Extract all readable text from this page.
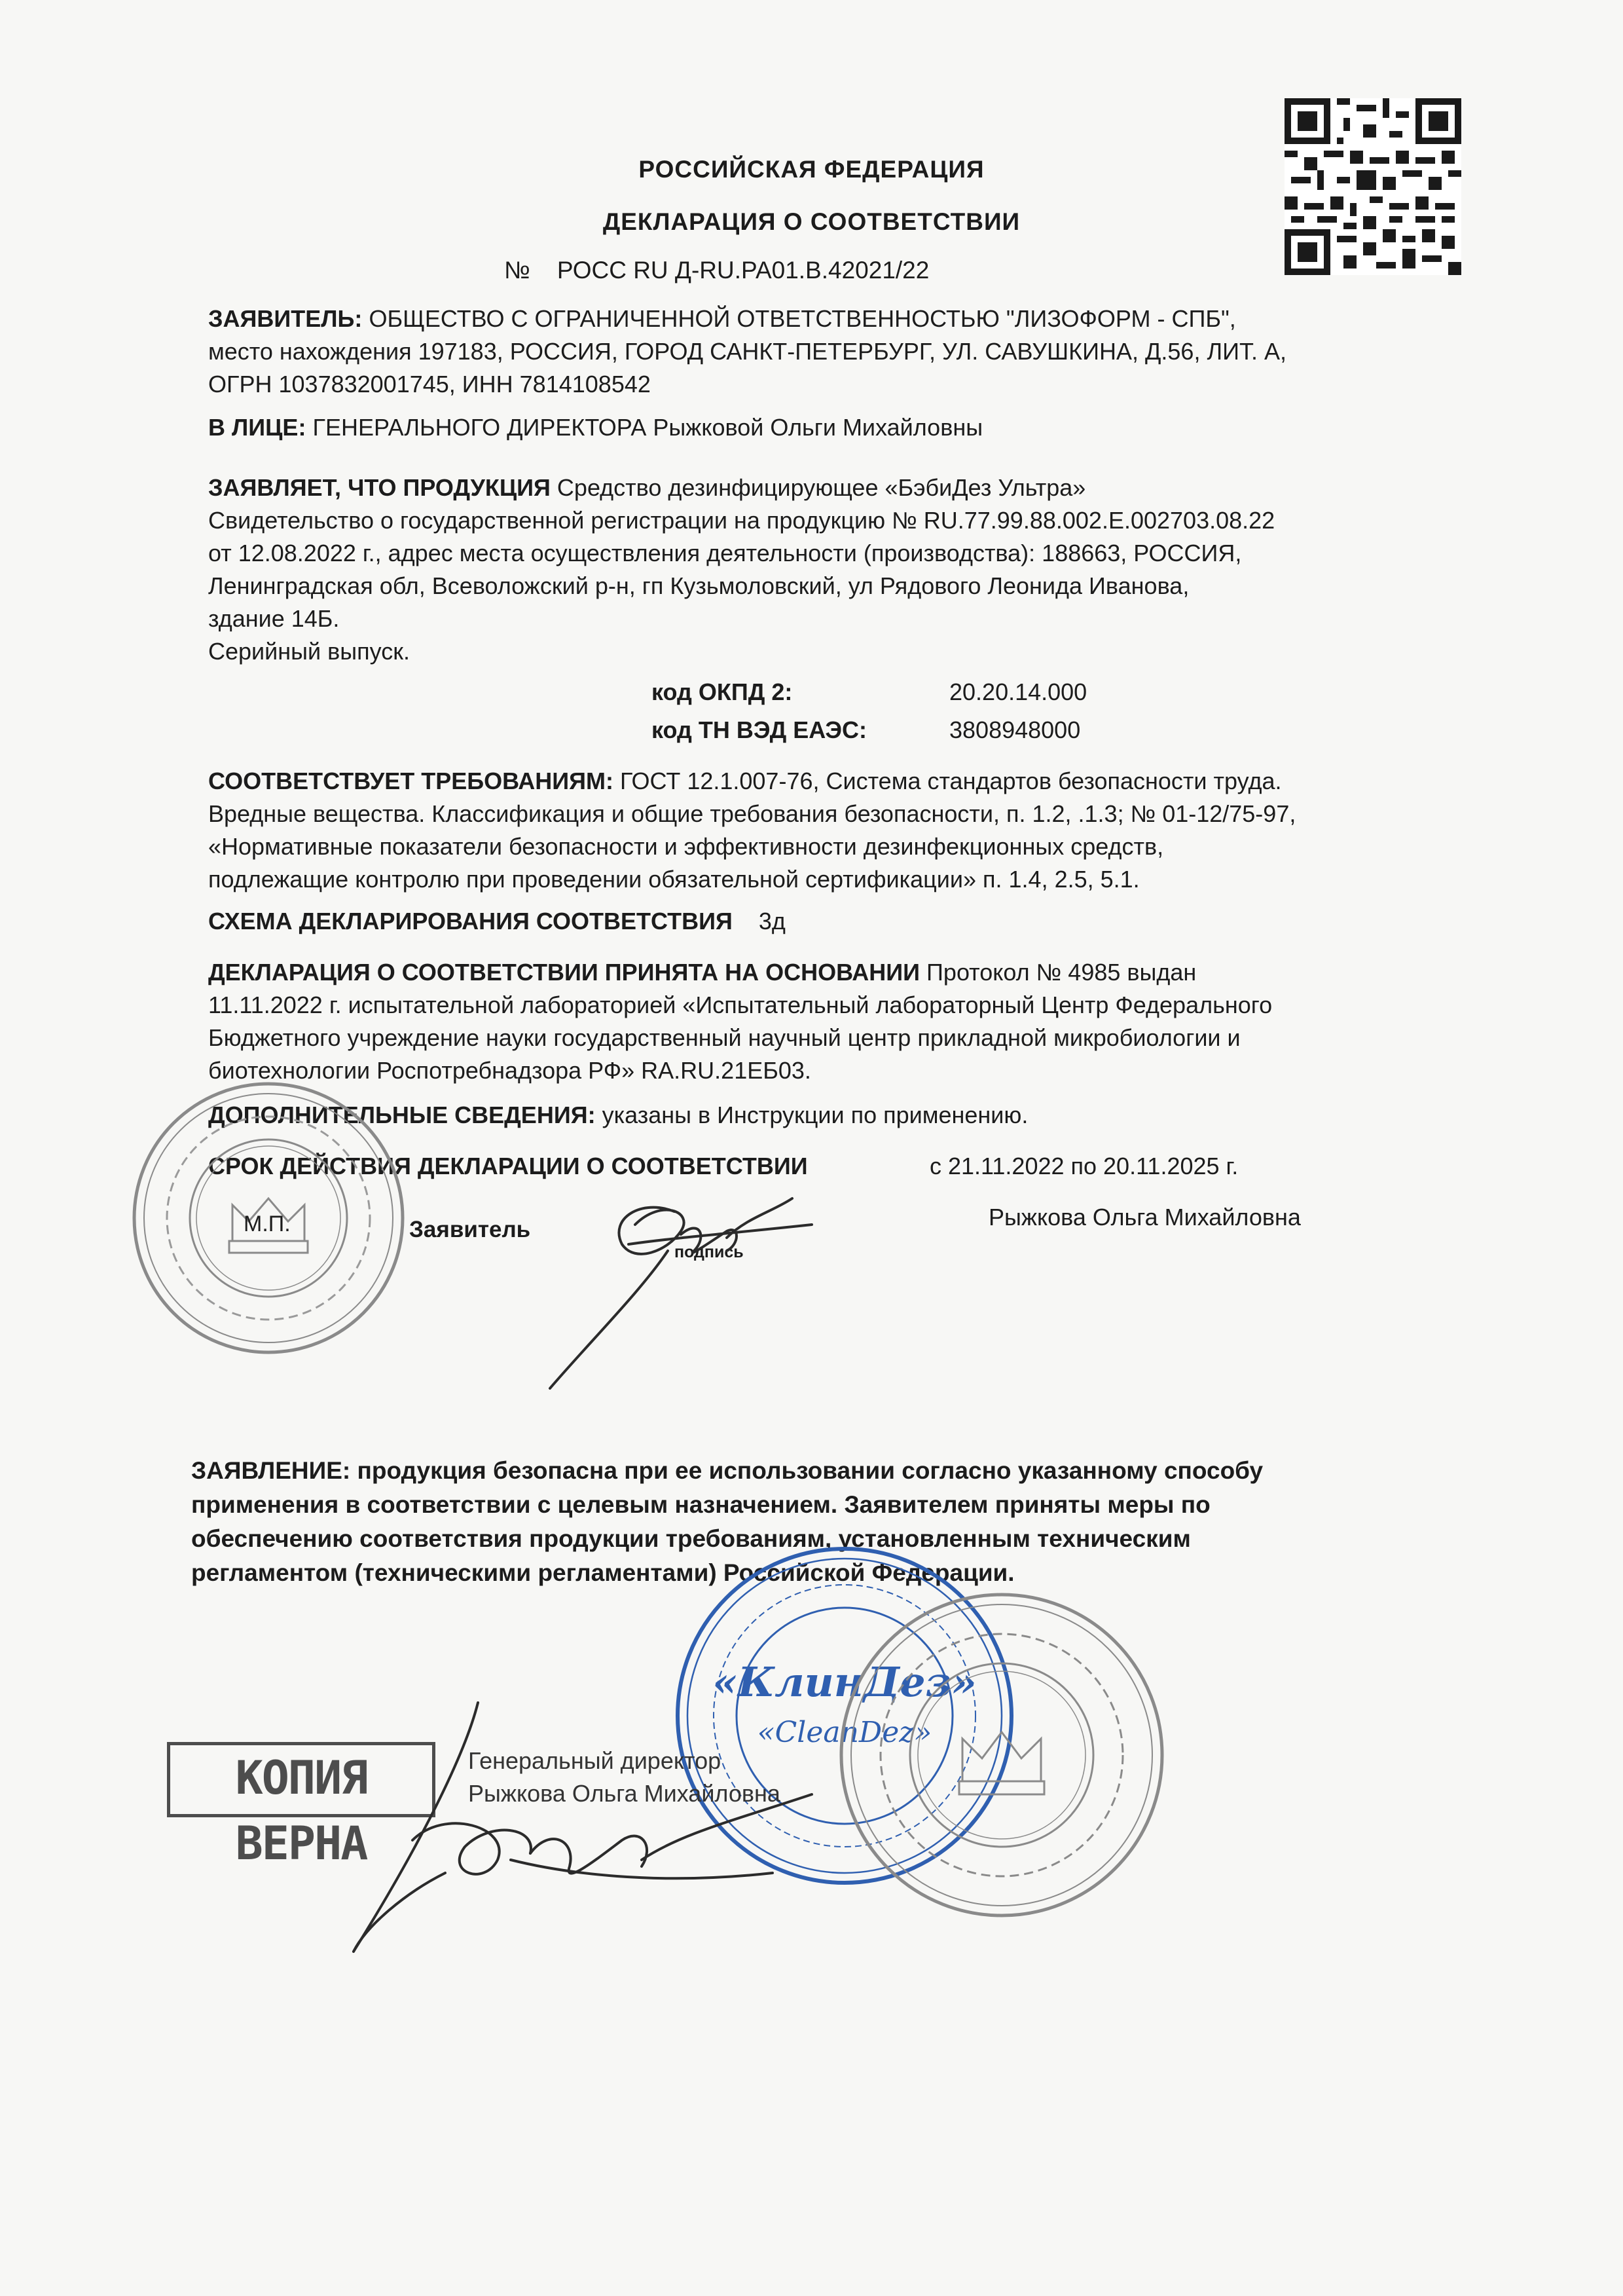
РОССИЙСКАЯ ФЕДЕРАЦИЯ
ДЕКЛАРАЦИЯ О СООТВЕТСТВИИ
№ РОСС RU Д-RU.PA01.B.42021/22
ЗАЯВИТЕЛЬ: ОБЩЕСТВО С ОГРАНИЧЕННОЙ ОТВЕТСТВЕННОСТЬЮ "ЛИЗОФОРМ - СПБ",
место нахождения 197183, РОССИЯ, ГОРОД САНКТ-ПЕТЕРБУРГ, УЛ. САВУШКИНА, Д.56, ЛИТ. А,
ОГРН 1037832001745, ИНН 7814108542
В ЛИЦЕ: ГЕНЕРАЛЬНОГО ДИРЕКТОРА Рыжковой Ольги Михайловны
ЗАЯВЛЯЕТ, ЧТО ПРОДУКЦИЯ Средство дезинфицирующее «БэбиДез Ультра»
Свидетельство о государственной регистрации на продукцию № RU.77.99.88.002.E.002703.08.22
от 12.08.2022 г., адрес места осуществления деятельности (производства): 188663, РОССИЯ,
Ленинградская обл, Всеволожский р-н, гп Кузьмоловский, ул Рядового Леонида Иванова,
здание 14Б.
Серийный выпуск.
код ОКПД 2:	20.20.14.000
код ТН ВЭД ЕАЭС:	3808948000
СООТВЕТСТВУЕТ ТРЕБОВАНИЯМ: ГОСТ 12.1.007-76, Система стандартов безопасности труда.
Вредные вещества. Классификация и общие требования безопасности, п. 1.2, .1.3; № 01-12/75-97,
«Нормативные показатели безопасности и эффективности дезинфекционных средств,
подлежащие контролю при проведении обязательной сертификации» п. 1.4, 2.5, 5.1.
СХЕМА ДЕКЛАРИРОВАНИЯ СООТВЕТСТВИЯ 3д
ДЕКЛАРАЦИЯ О СООТВЕТСТВИИ ПРИНЯТА НА ОСНОВАНИИ Протокол № 4985 выдан
11.11.2022 г. испытательной лабораторией «Испытательный лабораторный Центр Федерального
Бюджетного учреждение науки государственный научный центр прикладной микробиологии и
биотехнологии Роспотребнадзора РФ» RA.RU.21ЕБ03.
ДОПОЛНИТЕЛЬНЫЕ СВЕДЕНИЯ: указаны в Инструкции по применению.
СРОК ДЕЙСТВИЯ ДЕКЛАРАЦИИ О СООТВЕТСТВИИ	с 21.11.2022 по 20.11.2025 г.
М.П.	Заявитель
подпись
Рыжкова Ольга Михайловна
ЗАЯВЛЕНИЕ: продукция безопасна при ее использовании согласно указанному способу
применения в соответствии с целевым назначением. Заявителем приняты меры по
обеспечению соответствия продукции требованиям, установленным техническим
регламентом (техническими регламентами) Российской Федерации.
«КлинДез»
«CleanDez»
КОПИЯ ВЕРНА
Генеральный директор
Рыжкова Ольга Михайловна
